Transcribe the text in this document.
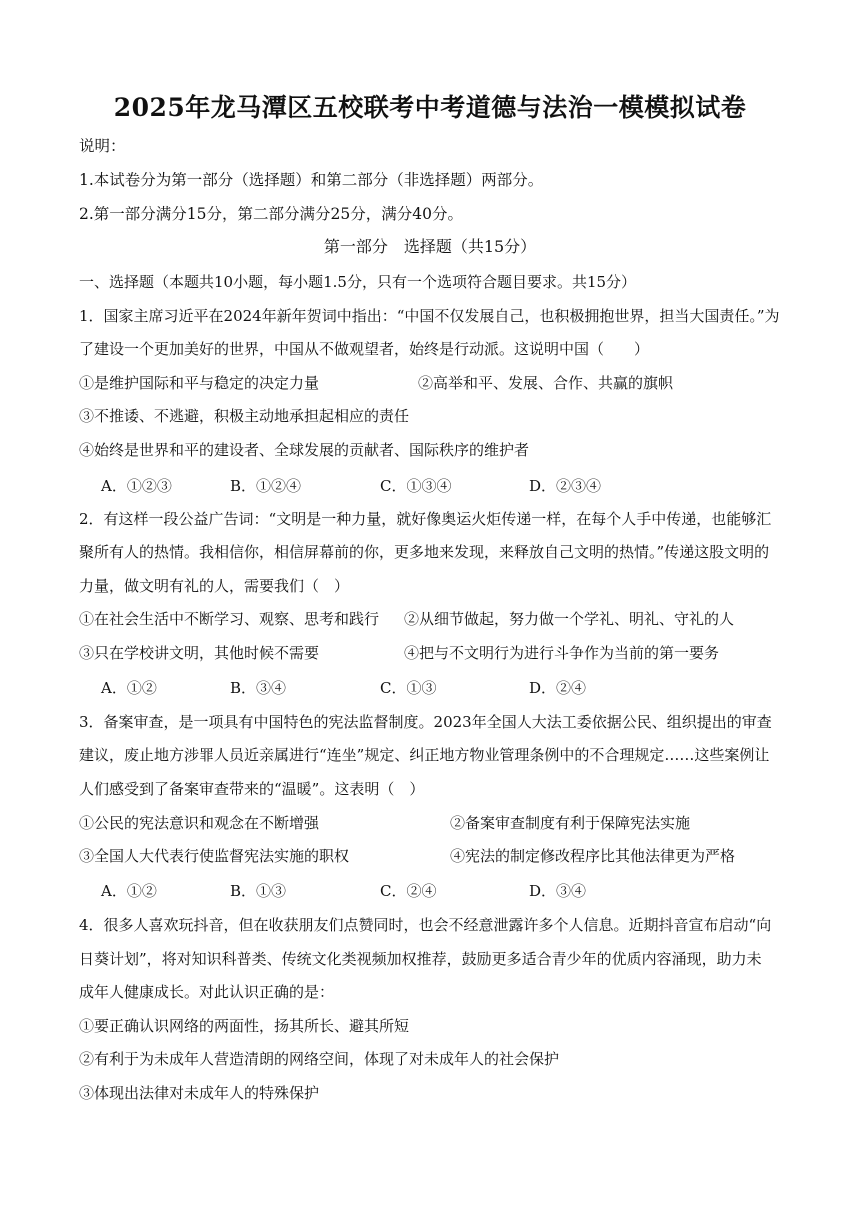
2025年龙马潭区五校联考中考道德与法治一模模拟试卷
说明：
1.本试卷分为第一部分（选择题）和第二部分（非选择题）两部分。
2.第一部分满分15分，第二部分满分25分，满分40分。
第一部分　选择题（共15分）
一、选择题（本题共10小题，每小题1.5分，只有一个选项符合题目要求。共15分）
1．国家主席习近平在2024年新年贺词中指出：“中国不仅发展自己，也积极拥抱世界，担当大国责任。”为
了建设一个更加美好的世界，中国从不做观望者，始终是行动派。这说明中国（　　）
①是维护国际和平与稳定的决定力量	②高举和平、发展、合作、共赢的旗帜
③不推诿、不逃避，积极主动地承担起相应的责任
④始终是世界和平的建设者、全球发展的贡献者、国际秩序的维护者
A．①②③	B．①②④	C．①③④	D．②③④
2．有这样一段公益广告词：“文明是一种力量，就好像奥运火炬传递一样，在每个人手中传递，也能够汇
聚所有人的热情。我相信你，相信屏幕前的你，更多地来发现，来释放自己文明的热情。”传递这股文明的
力量，做文明有礼的人，需要我们（　）
①在社会生活中不断学习、观察、思考和践行 ②从细节做起，努力做一个学礼、明礼、守礼的人
③只在学校讲文明，其他时候不需要	④把与不文明行为进行斗争作为当前的第一要务
A．①②	B．③④	C．①③	D．②④
3．备案审查，是一项具有中国特色的宪法监督制度。2023年全国人大法工委依据公民、组织提出的审查
建议，废止地方涉罪人员近亲属进行“连坐”规定、纠正地方物业管理条例中的不合理规定……这些案例让
人们感受到了备案审查带来的“温暖”。这表明（　）
①公民的宪法意识和观念在不断增强	②备案审查制度有利于保障宪法实施
③全国人大代表行使监督宪法实施的职权	④宪法的制定修改程序比其他法律更为严格
A．①②	B．①③	C．②④	D．③④
4．很多人喜欢玩抖音，但在收获朋友们点赞同时，也会不经意泄露许多个人信息。近期抖音宣布启动“向
日葵计划”，将对知识科普类、传统文化类视频加权推荐，鼓励更多适合青少年的优质内容涌现，助力未
成年人健康成长。对此认识正确的是：
①要正确认识网络的两面性，扬其所长、避其所短
②有利于为未成年人营造清朗的网络空间，体现了对未成年人的社会保护
③体现出法律对未成年人的特殊保护
